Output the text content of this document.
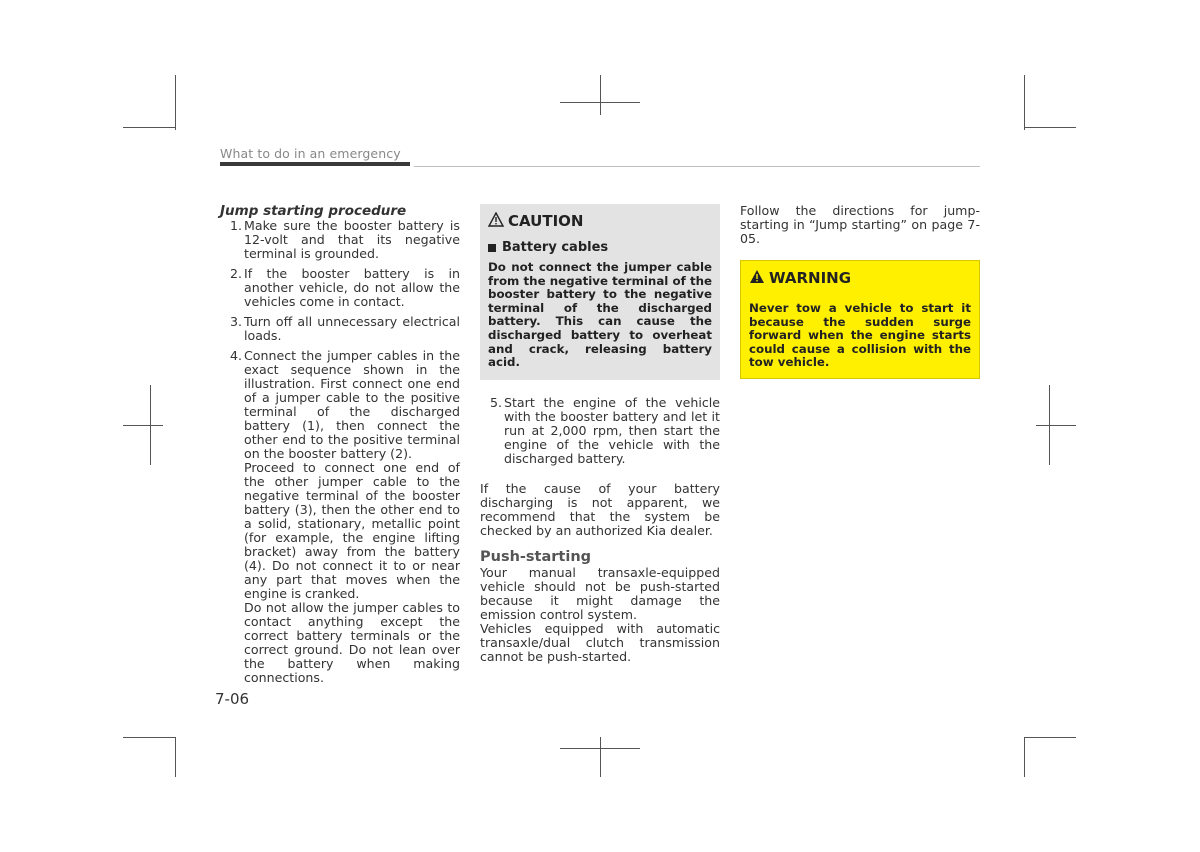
What to do in an emergency
Jump starting procedure
1. Make sure the booster battery is 12-volt and that its negative terminal is grounded.

2. If the booster battery is in another vehicle, do not allow the vehicles come in contact.

3. Turn off all unnecessary electrical loads.

4. Connect the jumper cables in the exact sequence shown in the illustration. First connect one end of a jumper cable to the positive terminal of the discharged battery (1), then connect the other end to the positive terminal on the booster battery (2).

Proceed to connect one end of the other jumper cable to the negative terminal of the booster battery (3), then the other end to a solid, stationary, metallic point (for example, the engine lifting bracket) away from the battery (4). Do not connect it to or near any part that moves when the engine is cranked.

Do not allow the jumper cables to contact anything except the correct battery terminals or the correct ground. Do not lean over the battery when making connections.

CAUTION
Battery cables
Do not connect the jumper cable from the negative terminal of the booster battery to the negative terminal of the discharged battery. This can cause the discharged battery to overheat and crack, releasing battery acid.
5. Start the engine of the vehicle with the booster battery and let it run at 2,000 rpm, then start the engine of the vehicle with the discharged battery.

If the cause of your battery discharging is not apparent, we recommend that the system be checked by an authorized Kia dealer.

Push-starting

Your manual transaxle-equipped vehicle should not be push-started because it might damage the emission control system.

Vehicles equipped with automatic transaxle/dual clutch transmission cannot be push-started.

Follow the directions for jump-starting in “Jump starting” on page 7-05.

WARNING
Never tow a vehicle to start it because the sudden surge forward when the engine starts could cause a collision with the tow vehicle.
7-06
